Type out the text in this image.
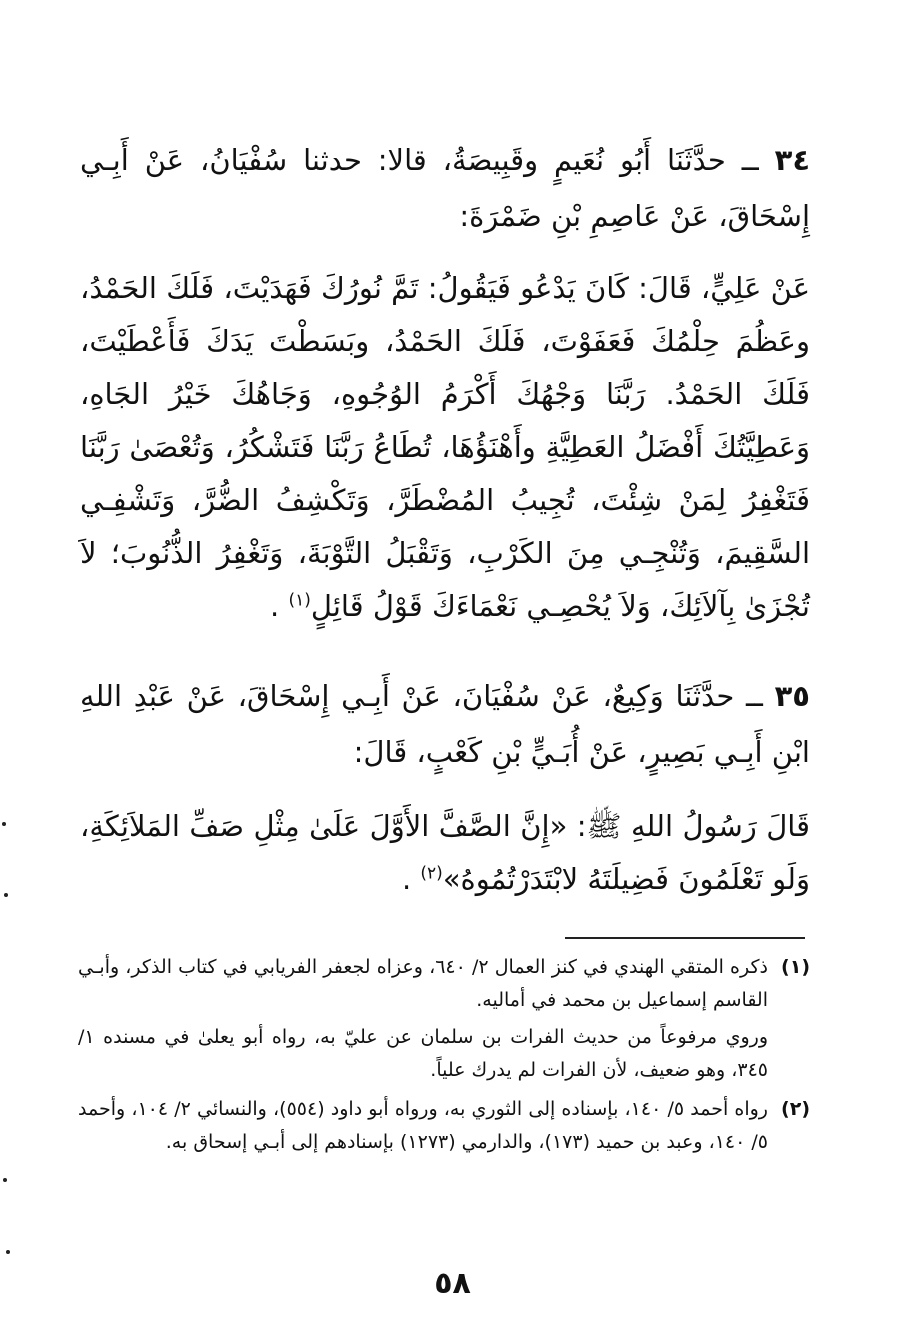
٣٤ ــ حدَّثَنَا أَبُو نُعَيمٍ وقَبِيصَةُ، قالا: حدثنا سُفْيَانُ، عَنْ أَبِـي إِسْحَاقَ، عَنْ عَاصِمِ بْنِ ضَمْرَةَ:
عَنْ عَلِيٍّ، قَالَ: كَانَ يَدْعُو فَيَقُولُ: تَمَّ نُورُكَ فَهَدَيْتَ، فَلَكَ الحَمْدُ، وعَظُمَ حِلْمُكَ فَعَفَوْتَ، فَلَكَ الحَمْدُ، وبَسَطْتَ يَدَكَ فَأَعْطَيْتَ، فَلَكَ الحَمْدُ. رَبَّنَا وَجْهُكَ أَكْرَمُ الوُجُوهِ، وَجَاهُكَ خَيْرُ الجَاهِ، وَعَطِيَّتُكَ أَفْضَلُ العَطِيَّةِ وأَهْنَؤُهَا، تُطَاعُ رَبَّنَا فَتَشْكُرُ، وَتُعْصَىٰ رَبَّنَا فَتَغْفِرُ لِمَنْ شِئْتَ، تُجِيبُ المُضْطَرَّ، وَتَكْشِفُ الضُّرَّ، وَتَشْفِـي السَّقِيمَ، وَتُنْجِـي مِنَ الكَرْبِ، وَتَقْبَلُ التَّوْبَةَ، وَتَغْفِرُ الذُّنُوبَ؛ لاَ تُجْزَىٰ بِآلاَئِكَ، وَلاَ يُحْصِـي نَعْمَاءَكَ قَوْلُ قَائِلٍ$^{(١)}$ .
٣٥ ــ حدَّثَنَا وَكِيعٌ، عَنْ سُفْيَانَ، عَنْ أَبِـي إِسْحَاقَ، عَنْ عَبْدِ اللهِ ابْنِ أَبِـي بَصِيرٍ، عَنْ أُبَـيٍّ بْنِ كَعْبٍ، قَالَ:
قَالَ رَسُولُ اللهِ ﷺ: «إِنَّ الصَّفَّ الأَوَّلَ عَلَىٰ مِثْلِ صَفِّ المَلاَئِكَةِ، وَلَو تَعْلَمُونَ فَضِيلَتَهُ لابْتَدَرْتُمُوهُ»$^{(٢)}$ .
(١)
ذكره المتقي الهندي في كنز العمال ٢/ ٦٤٠، وعزاه لجعفر الفريابي في كتاب الذكر، وأبـي القاسم إسماعيل بن محمد في أماليه.
وروي مرفوعاً من حديث الفرات بن سلمان عن عليّ به، رواه أبو يعلىٰ في مسنده ١/ ٣٤٥، وهو ضعيف، لأن الفرات لم يدرك علياً.
(٢)
رواه أحمد ٥/ ١٤٠، بإسناده إلى الثوري به، ورواه أبو داود (٥٥٤)، والنسائي ٢/ ١٠٤، وأحمد ٥/ ١٤٠، وعبد بن حميد (١٧٣)، والدارمي (١٢٧٣) بإسنادهم إلى أبـي إسحاق به.
٥٨
